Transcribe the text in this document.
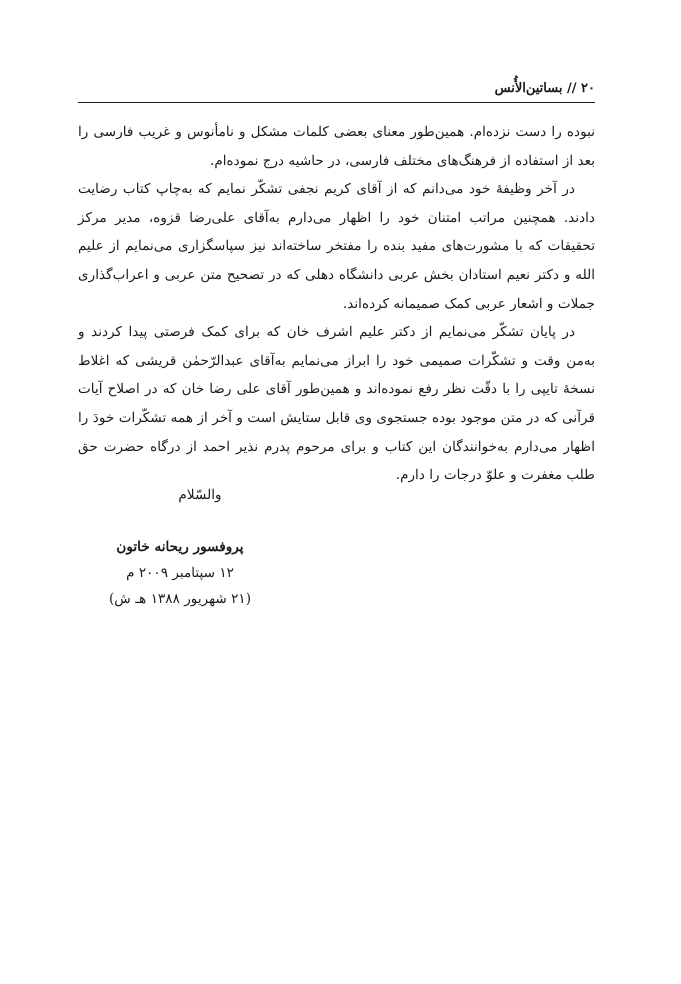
۲۰ // بساتین‌الأُنس

نبوده را دست نزده‌ام. همین‌طور معنای بعضی کلمات مشکل و نامأنوس و غریب فارسی را بعد از استفاده از فرهنگ‌های مختلف فارسی، در حاشیه درج نموده‌ام.

در آخر وظیفهٔ خود می‌دانم که از آقای کریم نجفی تشکّر نمایم که به‌چاپ کتاب رضایت دادند. همچنین مراتب امتنان خود را اظهار می‌دارم به‌آقای علی‌رضا قزوه، مدیر مرکز تحقیقات که با مشورت‌های مفید بنده را مفتخر ساخته‌اند نیز سپاسگزاری می‌نمایم از علیم الله و دکتر نعیم استادان بخش عربی دانشگاه دهلی که در تصحیح متن عربی و اعراب‌گذاری جملات و اشعار عربی کمک صمیمانه کرده‌اند.

در پایان تشکّر می‌نمایم از دکتر علیم اشرف خان که برای کمک فرصتی پیدا کردند و به‌من وقت و تشکّرات صمیمی خود را ابراز می‌نمایم به‌آقای عبدالرّحمٰن قریشی که اغلاط نسخهٔ تایپی را با دقّت نظر رفع نموده‌اند و همین‌طور آقای علی رضا خان که در اصلاح آیات قرآنی که در متن موجود بوده جستجوی وی قابل ستایش است و آخر از همه تشکّرات خودَ را اظهار می‌دارم به‌خوانندگان این کتاب و برای مرحوم پدرم نذیر احمد از درگاه حضرت حق طلب مغفرت و علوّ درجات را دارم.

والسّلام
پروفسور ریحانه خاتون
۱۲ سپتامبر ۲۰۰۹ م
(۲۱ شهریور ۱۳۸۸ هـ ش)
